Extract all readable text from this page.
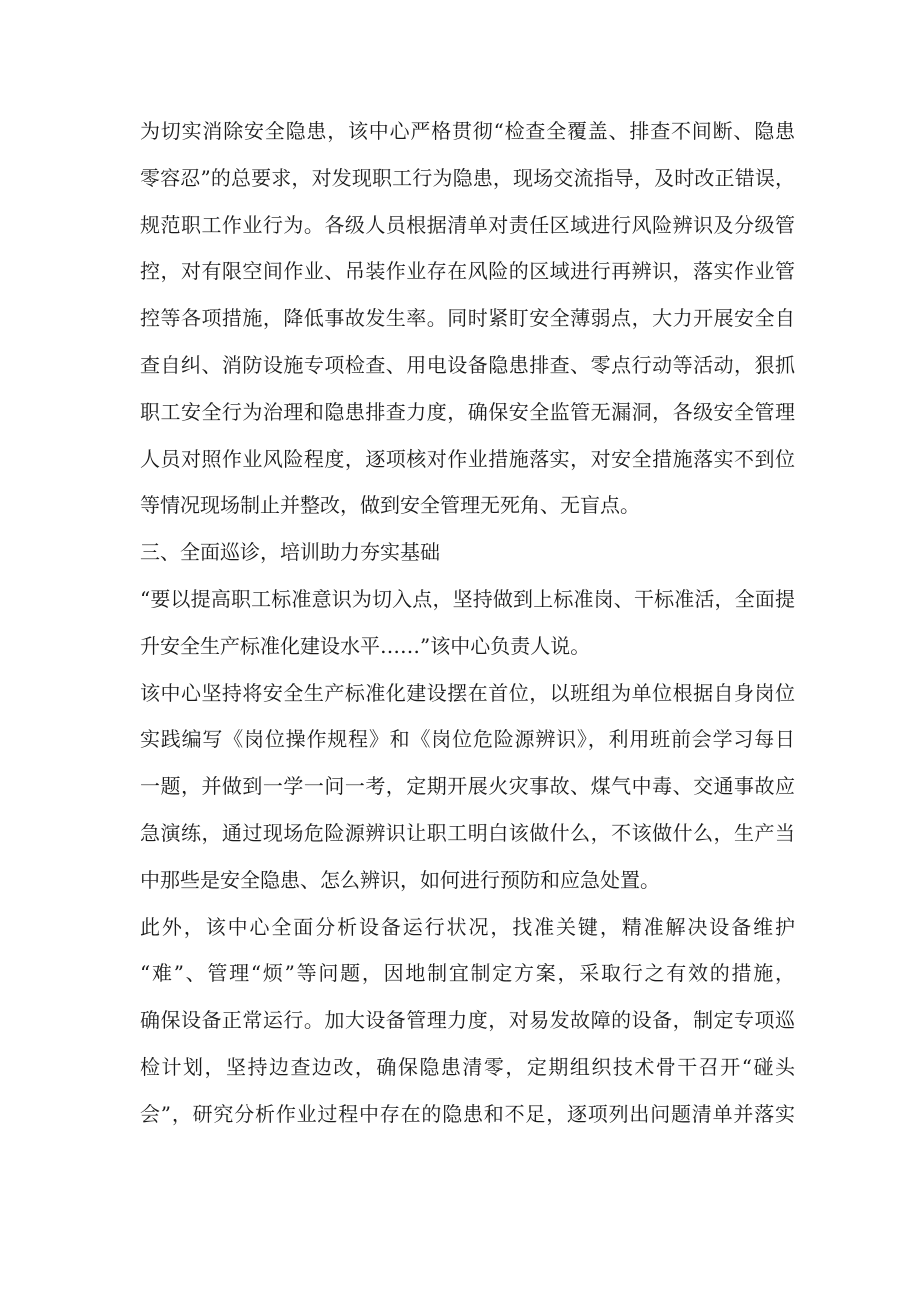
为切实消除安全隐患，该中心严格贯彻“检查全覆盖、排查不间断、隐患
零容忍”的总要求，对发现职工行为隐患，现场交流指导，及时改正错误，
规范职工作业行为。各级人员根据清单对责任区域进行风险辨识及分级管
控，对有限空间作业、吊装作业存在风险的区域进行再辨识，落实作业管
控等各项措施，降低事故发生率。同时紧盯安全薄弱点，大力开展安全自
查自纠、消防设施专项检查、用电设备隐患排查、零点行动等活动，狠抓
职工安全行为治理和隐患排查力度，确保安全监管无漏洞，各级安全管理
人员对照作业风险程度，逐项核对作业措施落实，对安全措施落实不到位
等情况现场制止并整改，做到安全管理无死角、无盲点。
三、全面巡诊，培训助力夯实基础
“要以提高职工标准意识为切入点，坚持做到上标准岗、干标准活，全面提
升安全生产标准化建设水平……”该中心负责人说。
该中心坚持将安全生产标准化建设摆在首位，以班组为单位根据自身岗位
实践编写《岗位操作规程》和《岗位危险源辨识》，利用班前会学习每日
一题，并做到一学一问一考，定期开展火灾事故、煤气中毒、交通事故应
急演练，通过现场危险源辨识让职工明白该做什么，不该做什么，生产当
中那些是安全隐患、怎么辨识，如何进行预防和应急处置。
此外，该中心全面分析设备运行状况，找准关键，精准解决设备维护
“难”、管理“烦”等问题，因地制宜制定方案，采取行之有效的措施，
确保设备正常运行。加大设备管理力度，对易发故障的设备，制定专项巡
检计划，坚持边查边改，确保隐患清零，定期组织技术骨干召开“碰头
会”，研究分析作业过程中存在的隐患和不足，逐项列出问题清单并落实
